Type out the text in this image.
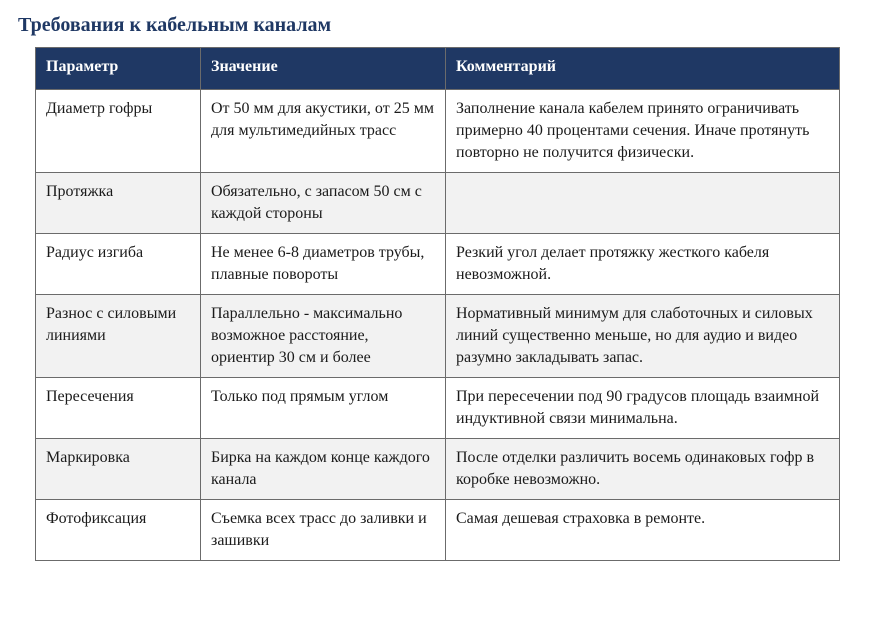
Требования к кабельным каналам
Параметр	Значение	Комментарий
Диаметр гофры	От 50 мм для акустики, от 25 мм для мультимедийных трасс	Заполнение канала кабелем принято ограничивать примерно 40 процентами сечения. Иначе протянуть повторно не получится физически.
Протяжка	Обязательно, с запасом 50 см с каждой стороны	
Радиус изгиба	Не менее 6-8 диаметров трубы, плавные повороты	Резкий угол делает протяжку жесткого кабеля невозможной.
Разнос с силовыми линиями	Параллельно - максимально возможное расстояние, ориентир 30 см и более	Нормативный минимум для слаботочных и силовых линий существенно меньше, но для аудио и видео разумно закладывать запас.
Пересечения	Только под прямым углом	При пересечении под 90 градусов площадь взаимной индуктивной связи минимальна.
Маркировка	Бирка на каждом конце каждого канала	После отделки различить восемь одинаковых гофр в коробке невозможно.
Фотофиксация	Съемка всех трасс до заливки и зашивки	Самая дешевая страховка в ремонте.
